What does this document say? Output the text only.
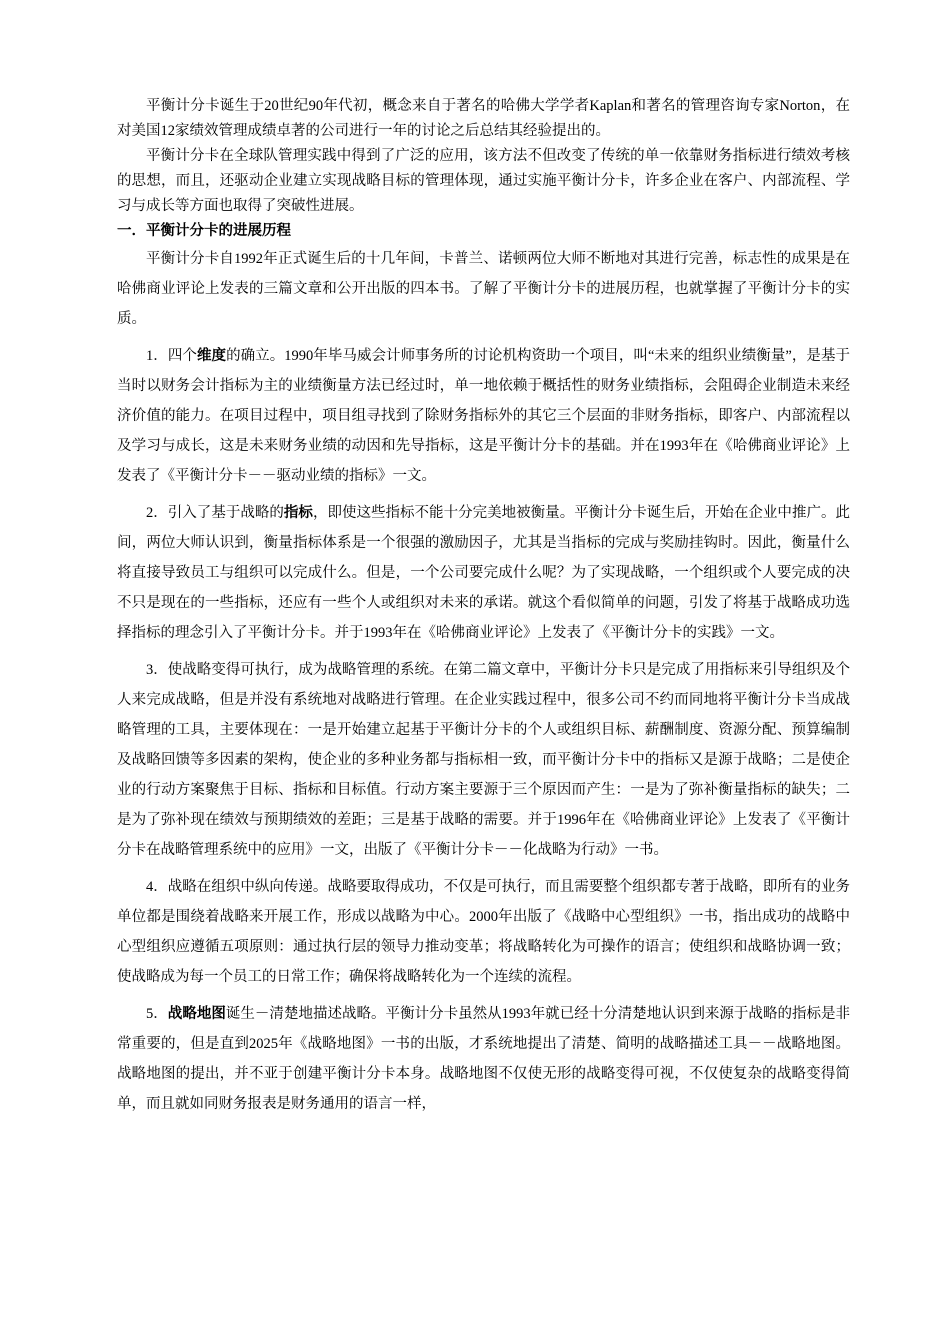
平衡计分卡诞生于20世纪90年代初，概念来自于著名的哈佛大学学者Kaplan和著名的管理咨询专家Norton，在对美国12家绩效管理成绩卓著的公司进行一年的讨论之后总结其经验提出的。

平衡计分卡在全球队管理实践中得到了广泛的应用，该方法不但改变了传统的单一依靠财务指标进行绩效考核的思想，而且，还驱动企业建立实现战略目标的管理体现，通过实施平衡计分卡，许多企业在客户、内部流程、学习与成长等方面也取得了突破性进展。

一．平衡计分卡的进展历程

平衡计分卡自1992年正式诞生后的十几年间，卡普兰、诺顿两位大师不断地对其进行完善，标志性的成果是在哈佛商业评论上发表的三篇文章和公开出版的四本书。了解了平衡计分卡的进展历程，也就掌握了平衡计分卡的实质。

1．四个维度的确立。1990年毕马威会计师事务所的讨论机构资助一个项目，叫“未来的组织业绩衡量”，是基于当时以财务会计指标为主的业绩衡量方法已经过时，单一地依赖于概括性的财务业绩指标，会阻碍企业制造未来经济价值的能力。在项目过程中，项目组寻找到了除财务指标外的其它三个层面的非财务指标，即客户、内部流程以及学习与成长，这是未来财务业绩的动因和先导指标，这是平衡计分卡的基础。并在1993年在《哈佛商业评论》上发表了《平衡计分卡－－驱动业绩的指标》一文。

2．引入了基于战略的指标，即使这些指标不能十分完美地被衡量。平衡计分卡诞生后，开始在企业中推广。此间，两位大师认识到，衡量指标体系是一个很强的激励因子，尤其是当指标的完成与奖励挂钩时。因此，衡量什么将直接导致员工与组织可以完成什么。但是，一个公司要完成什么呢？为了实现战略，一个组织或个人要完成的决不只是现在的一些指标，还应有一些个人或组织对未来的承诺。就这个看似简单的问题，引发了将基于战略成功选择指标的理念引入了平衡计分卡。并于1993年在《哈佛商业评论》上发表了《平衡计分卡的实践》一文。

3．使战略变得可执行，成为战略管理的系统。在第二篇文章中，平衡计分卡只是完成了用指标来引导组织及个人来完成战略，但是并没有系统地对战略进行管理。在企业实践过程中，很多公司不约而同地将平衡计分卡当成战略管理的工具，主要体现在：一是开始建立起基于平衡计分卡的个人或组织目标、薪酬制度、资源分配、预算编制及战略回馈等多因素的架构，使企业的多种业务都与指标相一致，而平衡计分卡中的指标又是源于战略；二是使企业的行动方案聚焦于目标、指标和目标值。行动方案主要源于三个原因而产生：一是为了弥补衡量指标的缺失；二是为了弥补现在绩效与预期绩效的差距；三是基于战略的需要。并于1996年在《哈佛商业评论》上发表了《平衡计分卡在战略管理系统中的应用》一文，出版了《平衡计分卡－－化战略为行动》一书。

4．战略在组织中纵向传递。战略要取得成功，不仅是可执行，而且需要整个组织都专著于战略，即所有的业务单位都是围绕着战略来开展工作，形成以战略为中心。2000年出版了《战略中心型组织》一书，指出成功的战略中心型组织应遵循五项原则：通过执行层的领导力推动变革；将战略转化为可操作的语言；使组织和战略协调一致；使战略成为每一个员工的日常工作；确保将战略转化为一个连续的流程。

5．战略地图诞生－清楚地描述战略。平衡计分卡虽然从1993年就已经十分清楚地认识到来源于战略的指标是非常重要的，但是直到2025年《战略地图》一书的出版，才系统地提出了清楚、简明的战略描述工具－－战略地图。战略地图的提出，并不亚于创建平衡计分卡本身。战略地图不仅使无形的战略变得可视，不仅使复杂的战略变得简单，而且就如同财务报表是财务通用的语言一样，
